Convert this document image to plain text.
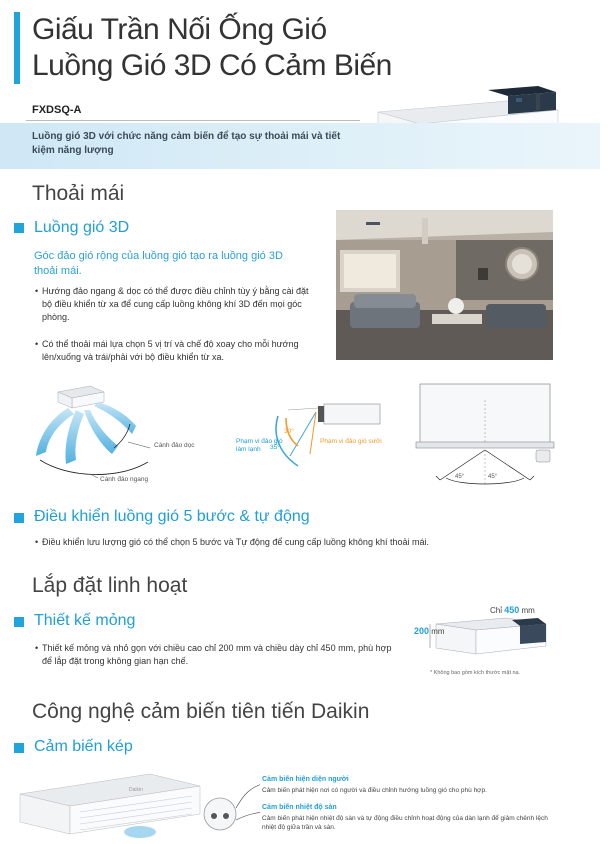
Giấu Trần Nối Ống Gió
Luồng Gió 3D Có Cảm Biến
FXDSQ-A
Luồng gió 3D với chức năng cảm biến để tạo sự thoải mái và tiết kiệm năng lượng
Thoải mái
Luồng gió 3D
Góc đảo gió rộng của luồng gió tạo ra luồng gió 3D thoải mái.
• Hướng đảo ngang & dọc có thể được điều chỉnh tùy ý bằng cài đặt bộ điều khiển từ xa để cung cấp luồng không khí 3D đến mọi góc phòng.
• Có thể thoải mái lựa chọn 5 vị trí và chế độ xoay cho mỗi hướng lên/xuống và trái/phải với bộ điều khiển từ xa.
Cánh đảo dọc
Cánh đảo ngang
30°
35°
Phạm vi đảo gió làm lạnh
Phạm vi đảo gió sưởi
45°	45°
Điều khiển luồng gió 5 bước & tự động
• Điều khiển lưu lượng gió có thể chọn 5 bước và Tự động để cung cấp luồng không khí thoải mái.
Lắp đặt linh hoạt
Thiết kế mỏng
• Thiết kế mỏng và nhỏ gọn với chiều cao chỉ 200 mm và chiều dày chỉ 450 mm, phù hợp để lắp đặt trong không gian hạn chế.
Chỉ 450 mm
200 mm
* Không bao gồm kích thước mặt nạ.
Công nghệ cảm biến tiên tiến Daikin
Cảm biến kép
Daikin
Cảm biến hiện diện người
Cảm biến phát hiện nơi có người và điều chỉnh hướng luồng gió cho phù hợp.
Cảm biến nhiệt độ sàn
Cảm biến phát hiện nhiệt độ sàn và tự động điều chỉnh hoạt động của dàn lạnh để giảm chênh lệch nhiệt độ giữa trần và sàn.
